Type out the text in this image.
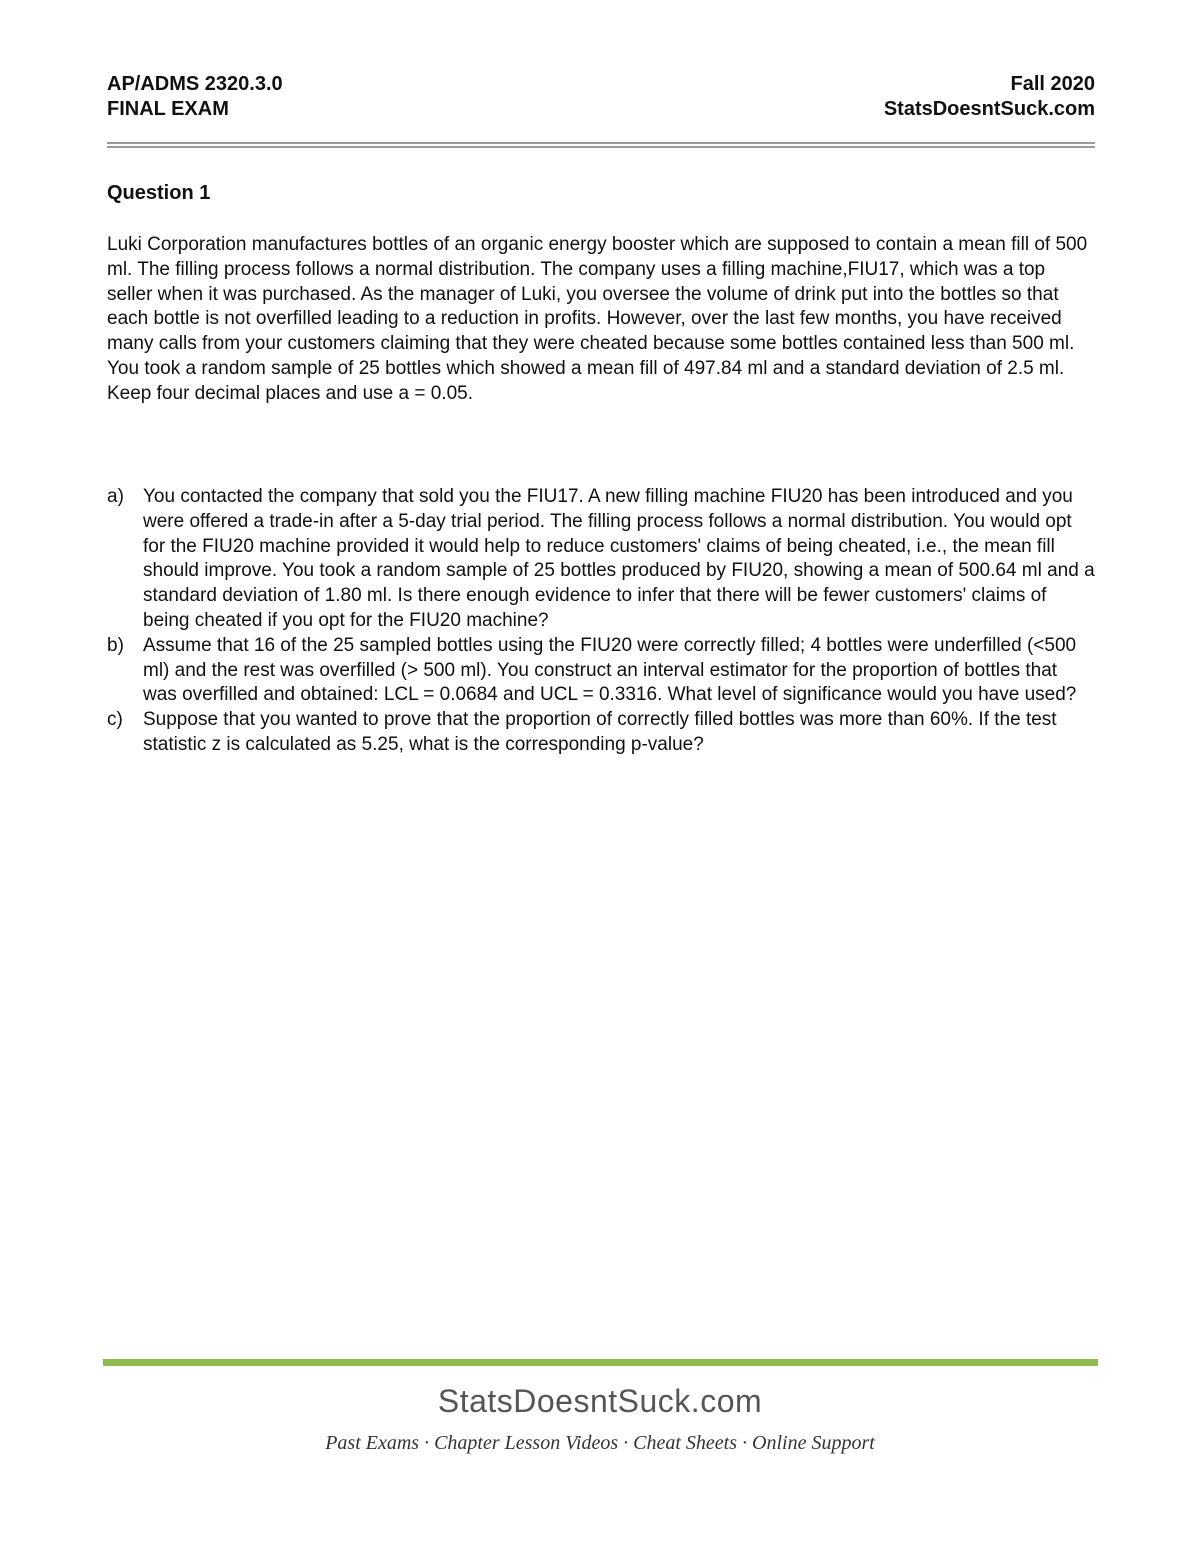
AP/ADMS 2320.3.0	Fall 2020
FINAL EXAM	StatsDoesntSuck.com
Question 1

Luki Corporation manufactures bottles of an organic energy booster which are supposed to contain a mean fill of 500 ml. The filling process follows a normal distribution. The company uses a filling machine,FIU17, which was a top seller when it was purchased. As the manager of Luki, you oversee the volume of drink put into the bottles so that each bottle is not overfilled leading to a reduction in profits. However, over the last few months, you have received many calls from your customers claiming that they were cheated because some bottles contained less than 500 ml. You took a random sample of 25 bottles which showed a mean fill of 497.84 ml and a standard deviation of 2.5 ml. Keep four decimal places and use a = 0.05.

a)	You contacted the company that sold you the FIU17. A new filling machine FIU20 has been introduced and you were offered a trade-in after a 5-day trial period. The filling process follows a normal distribution. You would opt for the FIU20 machine provided it would help to reduce customers' claims of being cheated, i.e., the mean fill should improve. You took a random sample of 25 bottles produced by FIU20, showing a mean of 500.64 ml and a standard deviation of 1.80 ml. Is there enough evidence to infer that there will be fewer customers' claims of being cheated if you opt for the FIU20 machine?
b)	Assume that 16 of the 25 sampled bottles using the FIU20 were correctly filled; 4 bottles were underfilled (<500 ml) and the rest was overfilled (> 500 ml). You construct an interval estimator for the proportion of bottles that was overfilled and obtained: LCL = 0.0684 and UCL = 0.3316. What level of significance would you have used?
c)	Suppose that you wanted to prove that the proportion of correctly filled bottles was more than 60%. If the test statistic z is calculated as 5.25, what is the corresponding p-value?
StatsDoesntSuck.com
Past Exams · Chapter Lesson Videos · Cheat Sheets · Online Support
